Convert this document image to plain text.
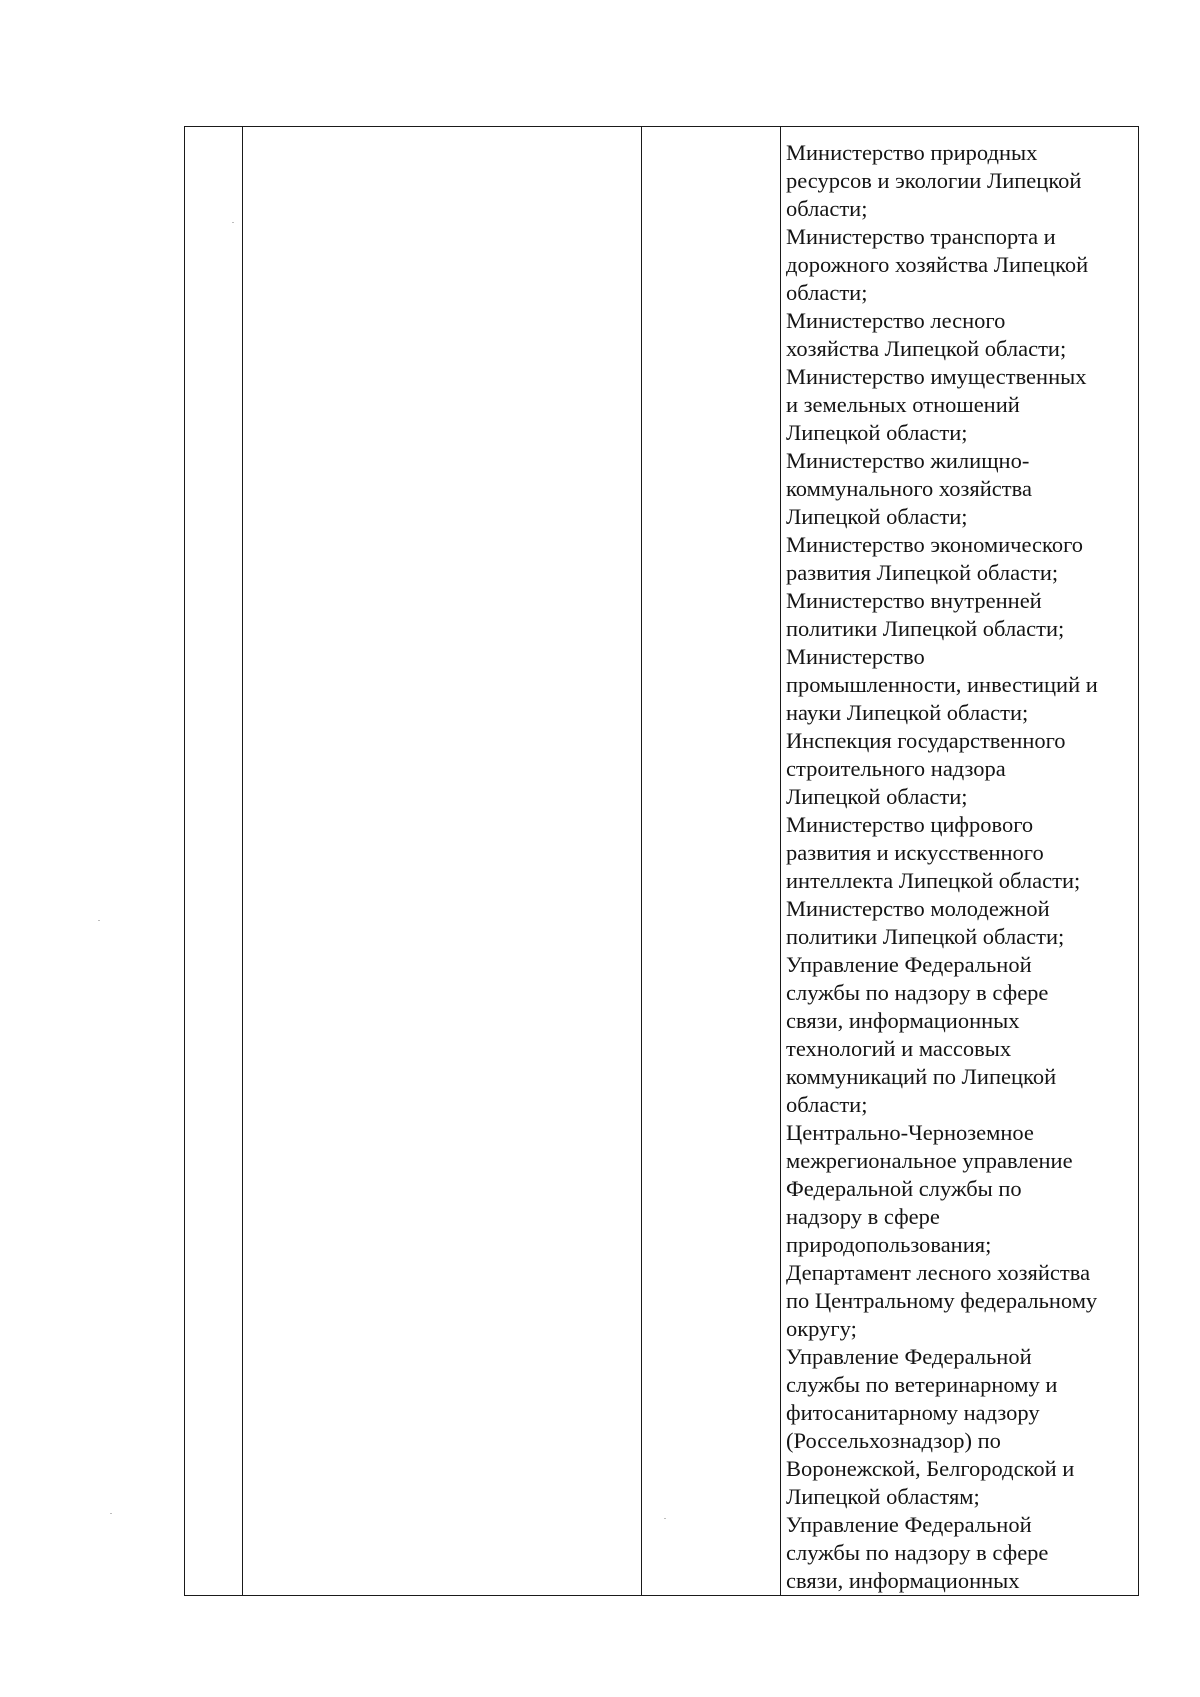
Министерство природных
ресурсов и экологии Липецкой
области;
Министерство транспорта и
дорожного хозяйства Липецкой
области;
Министерство лесного
хозяйства Липецкой области;
Министерство имущественных
и земельных отношений
Липецкой области;
Министерство жилищно-
коммунального хозяйства
Липецкой области;
Министерство экономического
развития Липецкой области;
Министерство внутренней
политики Липецкой области;
Министерство
промышленности, инвестиций и
науки Липецкой области;
Инспекция государственного
строительного надзора
Липецкой области;
Министерство цифрового
развития и искусственного
интеллекта Липецкой области;
Министерство молодежной
политики Липецкой области;
Управление Федеральной
службы по надзору в сфере
связи, информационных
технологий и массовых
коммуникаций по Липецкой
области;
Центрально-Черноземное
межрегиональное управление
Федеральной службы по
надзору в сфере
природопользования;
Департамент лесного хозяйства
по Центральному федеральному
округу;
Управление Федеральной
службы по ветеринарному и
фитосанитарному надзору
(Россельхознадзор) по
Воронежской, Белгородской и
Липецкой областям;
Управление Федеральной
службы по надзору в сфере
связи, информационных
